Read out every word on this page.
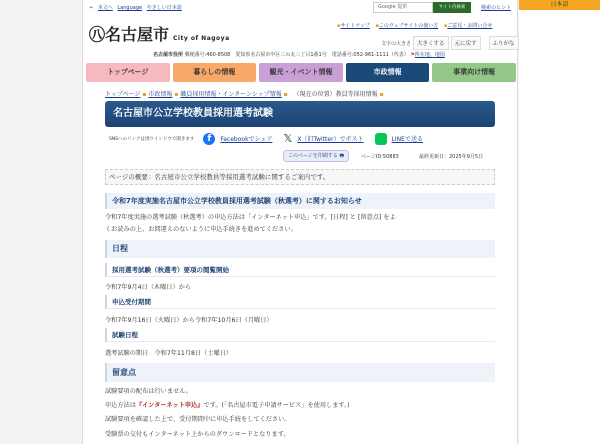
日本語
❧ 本文へ Language やさしい日本語	Google 提供	サイト内検索	検索のヒント
㊇名古屋市 City of Nagoya
▪サイトマップ ▪このウェブサイトの使い方 ▪ご意見・お問い合せ
文字の大きさ	大きくする	元に戻す	ふりがな
名古屋市役所 郵便番号:460-8508　愛知県名古屋市中区三の丸三丁目1番1号　電話番号:052-961-1111（代表） ⚑所在地、地図
トップページ	暮らしの情報	観光・イベント情報	市政情報	事業向け情報
トップページ ▪ 市政情報 ▪ 職員採用情報・インターンシップ情報 ▪ （現在の位置）教員等採用情報 ▪
名古屋市公立学校教員採用選考試験
SNSへのリンクは別ウインドウで開きます	f	Facebookでシェア 𝕏 X（旧Twitter）でポスト	LINEで送る
このページを印刷する 🖶	ページID:50883	最終更新日：2025年9月5日
ページの概要：名古屋市公立学校教員等採用選考試験に関するご案内です。
令和7年度実施名古屋市公立学校教員採用選考試験（秋選考）に関するお知らせ
令和7年度実施の選考試験（秋選考）の申込方法は「インターネット申込」です。[日程] と [留意点] をよ
くお読みの上、お間違えのないように申込手続きを進めてください。
日程
採用選考試験（秋選考）要項の閲覧開始
令和7年9月4日（木曜日）から
申込受付期間
令和7年9月16日（火曜日）から令和7年10月6日（月曜日）
試験日程
選考試験の期日　令和7年11月8日（土曜日）
留意点
試験要項の配布は行いません。
申込方法は『インターネット申込』です。(「名古屋市電子申請サービス」を使用します。)
試験要項を確認した上で、受付期間中に申込手続をしてください。
受験票の交付もインターネット上からのダウンロードとなります。
